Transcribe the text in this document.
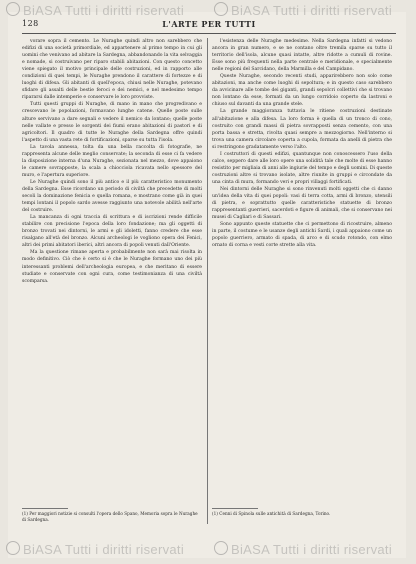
BiASA Tutti i diritti riservati	BiASA Tutti i diritti riservati
BiASA Tutti i diritti riservati	BiASA Tutti i diritti riservati
128	L'ARTE PER TUTTI

vorare sopra il cemento. Le Nuraghe quindi altro non sarebbero che edifizi di una società primordiale, ed appartenere al primo tempo in cui gli uomini che venivano ad abitare la Sardegna, abbandonando la vita selvaggia e nomade, si costruivano per riparo stabili abitazioni. Con questo concetto viene spiegato il motivo principale delle costruzioni, ed in rapporto alle condizioni di quei tempi, le Nuraghe prendono il carattere di fortezze e di luoghi di difesa. Gli abitanti di quell'epoca, chiusi nelle Nuraghe, potevano sfidare gli assalti delle bestie feroci e dei nemici, e nel medesimo tempo ripararsi dalle intemperie e conservare le loro provviste.

Tutti questi gruppi di Nuraghe, di mano in mano che progredivano e crescevano le popolazioni, formavano lunghe catene. Quelle poste sulle alture servivano a dare segnali e vedere il nemico da lontano; quelle poste nelle vallate e presso le sorgenti dei fiumi erano abitazioni di pastori e di agricoltori. Il quadro di tutte le Nuraghe della Sardegna offre quindi l'aspetto di una vasta rete di fortificazioni, sparse su tutta l'isola.

La tavola annessa, tolta da una bella raccolta di fotografie, ne rappresenta alcune delle meglio conservate; la seconda di esse ci fa vedere la disposizione interna d'una Nuraghe, sezionata nel mezzo, dove appaiono le camere sovrapposte, la scala a chiocciola ricavata nello spessore del muro, e l'apertura superiore.

Le Nuraghe quindi sono il più antico e il più caratteristico monumento della Sardegna. Esse ricordano un periodo di civiltà che precedette di molti secoli la dominazione fenicia e quella romana, e mostrano come già in quei tempi lontani il popolo sardo avesse raggiunto una notevole abilità nell'arte del costruire.

La mancanza di ogni traccia di scrittura e di iscrizioni rende difficile stabilire con precisione l'epoca della loro fondazione; ma gli oggetti di bronzo trovati nei dintorni, le armi e gli idoletti, fanno credere che esse risalgano all'età del bronzo. Alcuni archeologi le vogliono opera dei Fenici, altri dei primi abitatori iberici, altri ancora di popoli venuti dall'Oriente.

Ma la questione rimane aperta e probabilmente non sarà mai risolta in modo definitivo. Ciò che è certo si è che le Nuraghe formano uno dei più interessanti problemi dell'archeologia europea, e che meritano di essere studiate e conservate con ogni cura, come testimonianza di una civiltà scomparsa.

l'esistenza delle Nuraghe medesime. Nella Sardegna infatti si vedono ancora in gran numero, e se ne contano oltre tremila sparse su tutto il territorio dell'isola, alcune quasi intatte, altre ridotte a cumuli di rovine. Esse sono più frequenti nella parte centrale e meridionale, e specialmente nelle regioni del Sarcidano, della Marmilla e del Campidano.

Queste Nuraghe, secondo recenti studi, apparirebbero non solo come abitazioni, ma anche come luoghi di sepoltura; e in questo caso sarebbero da avvicinare alle tombe dei giganti, grandi sepolcri collettivi che si trovano non lontano da esse, formati da un lungo corridoio coperto da lastroni e chiuso sul davanti da una grande stele.

La grande maggioranza tuttavia le ritiene costruzioni destinate all'abitazione e alla difesa. La loro forma è quella di un tronco di cono, costruito con grandi massi di pietra sovrapposti senza cemento, con una porta bassa e stretta, rivolta quasi sempre a mezzogiorno. Nell'interno si trova una camera circolare coperta a cupola, formata da anelli di pietra che si restringono gradatamente verso l'alto.

I costruttori di questi edifizi, quantunque non conoscessero l'uso della calce, seppero dare alle loro opere una solidità tale che molte di esse hanno resistito per migliaia di anni alle ingiurie del tempo e degli uomini. Di queste costruzioni altre si trovano isolate, altre riunite in gruppi e circondate da una cinta di mura, formando veri e propri villaggi fortificati.

Nei dintorni delle Nuraghe si sono rinvenuti molti oggetti che ci danno un'idea della vita di quei popoli: vasi di terra cotta, armi di bronzo, utensili di pietra, e soprattutto quelle caratteristiche statuette di bronzo rappresentanti guerrieri, sacerdoti e figure di animali, che si conservano nei musei di Cagliari e di Sassari.

Sono appunto queste statuette che ci permettono di ricostruire, almeno in parte, il costume e le usanze degli antichi Sardi, i quali appaiono come un popolo guerriero, armato di spada, di arco e di scudo rotondo, con elmo ornato di corna e vesti corte strette alla vita.

(1) Per maggiori notizie si consulti l'opera dello Spano, Memoria sopra le Nuraghe di Sardegna.
(1) Cenni di Spinola sulle antichità di Sardegna, Torino.
